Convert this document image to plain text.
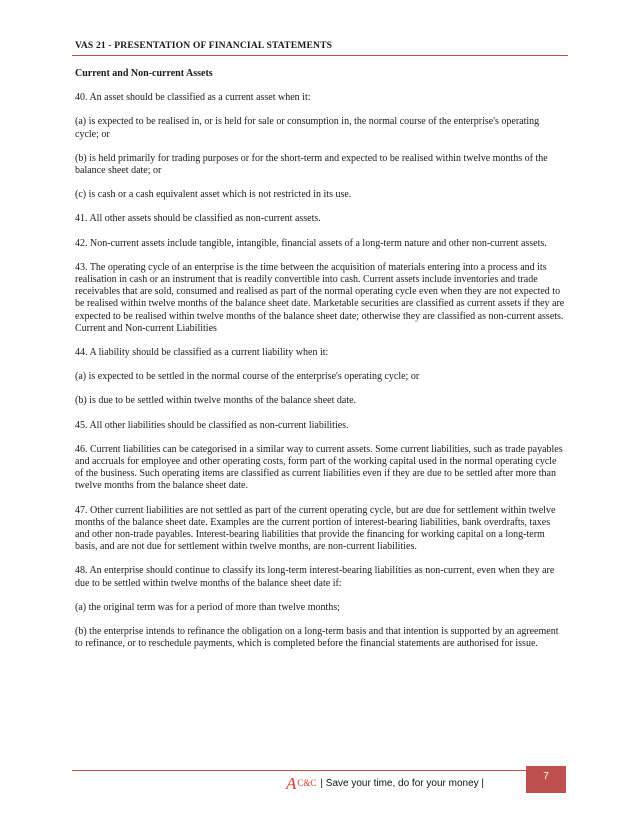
VAS 21 - PRESENTATION OF FINANCIAL STATEMENTS

Current and Non-current Assets

40. An asset should be classified as a current asset when it:

(a) is expected to be realised in, or is held for sale or consumption in, the normal course of the enterprise's operating cycle; or

(b) is held primarily for trading purposes or for the short-term and expected to be realised within twelve months of the balance sheet date; or

(c) is cash or a cash equivalent asset which is not restricted in its use.

41. All other assets should be classified as non-current assets.

42. Non-current assets include tangible, intangible, financial assets of a long-term nature and other non-current assets.

43. The operating cycle of an enterprise is the time between the acquisition of materials entering into a process and its realisation in cash or an instrument that is readily convertible into cash. Current assets include inventories and trade receivables that are sold, consumed and realised as part of the normal operating cycle even when they are not expected to be realised within twelve months of the balance sheet date. Marketable securities are classified as current assets if they are expected to be realised within twelve months of the balance sheet date; otherwise they are classified as non-current assets.

Current and Non-current Liabilities

44. A liability should be classified as a current liability when it:

(a) is expected to be settled in the normal course of the enterprise's operating cycle; or

(b) is due to be settled within twelve months of the balance sheet date.

45. All other liabilities should be classified as non-current liabilities.

46. Current liabilities can be categorised in a similar way to current assets. Some current liabilities, such as trade payables and accruals for employee and other operating costs, form part of the working capital used in the normal operating cycle of the business. Such operating items are classified as current liabilities even if they are due to be settled after more than twelve months from the balance sheet date.

47. Other current liabilities are not settled as part of the current operating cycle, but are due for settlement within twelve months of the balance sheet date. Examples are the current portion of interest-bearing liabilities, bank overdrafts, taxes and other non-trade payables. Interest-bearing liabilities that provide the financing for working capital on a long-term basis, and are not due for settlement within twelve months, are non-current liabilities.

48. An enterprise should continue to classify its long-term interest-bearing liabilities as non-current, even when they are due to be settled within twelve months of the balance sheet date if:

(a) the original term was for a period of more than twelve months;

(b) the enterprise intends to refinance the obligation on a long-term basis and that intention is supported by an agreement to refinance, or to reschedule payments, which is completed before the financial statements are authorised for issue.

A C&C | Save your time, do for your money |
7
